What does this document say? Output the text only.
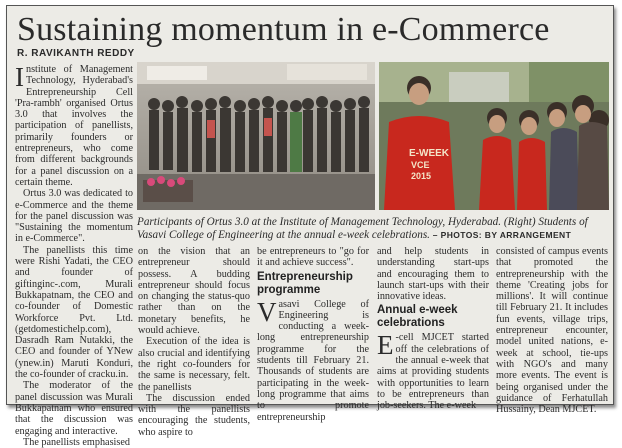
Sustaining momentum in e-Commerce
R. RAVIKANTH REDDY

Institute of Management Technology, Hyderabad's Entrepreneurship Cell 'Pra-rambh' organised Ortus 3.0 that involves the participation of panellists, primarily founders or entrepreneurs, who come from different backgrounds for a panel discussion on a certain theme.

Ortus 3.0 was dedicated to e-Commerce and the theme for the panel discussion was "Sustaining the momentum in e-Commerce".

The panellists this time were Rishi Yadati, the CEO and founder of giftinginc-.com, Murali Bukkapatnam, the CEO and co-founder of Domestic Workforce Pvt. Ltd. (getdomestichelp.com), Dasradh Ram Nutakki, the CEO and founder of YNew (ynew.in) Maruti Konduri, the co-founder of cracku.in.

The moderator of the panel discussion was Murali Bukkapatnam who ensured that the discussion was engaging and interactive.

The panellists emphasised

E-WEEK
VCE
2015
Participants of Ortus 3.0 at the Institute of Management Technology, Hyderabad. (Right) Students of Vasavi College of Engineering at the annual e-week celebrations. – PHOTOS: BY ARRANGEMENT

on the vision that an entrepreneur should possess. A budding entrepreneur should focus on changing the status-quo rather than on the monetary benefits, he would achieve.

Execution of the idea is also crucial and identifying the right co-founders for the same is necessary, felt. the panellists

The discussion ended with the panellists encouraging the students, who aspire to

be entrepreneurs to "go for it and achieve success".

Entrepreneurship programme

Vasavi College of Engineering is conducting a week-long entrepreneurship programme for the students till February 21. Thousands of students are participating in the week-long programme that aims to promote entrepreneurship

and help students in understanding start-ups and encouraging them to launch start-ups with their innovative ideas.

Annual e-week celebrations

E -cell MJCET started off the celebrations of the annual e-week that aims at providing students with opportunities to learn to be entrepreneurs than job-seekers. The e-week

consisted of campus events that promoted the entrepreneurship with the theme 'Creating jobs for millions'. It will continue till February 21. It includes fun events, village trips, entrepreneur encounter, model united nations, e-week at school, tie-ups with NGO's and many more events. The event is being organised under the guidance of Ferhatullah Hussainy, Dean MJCET.
